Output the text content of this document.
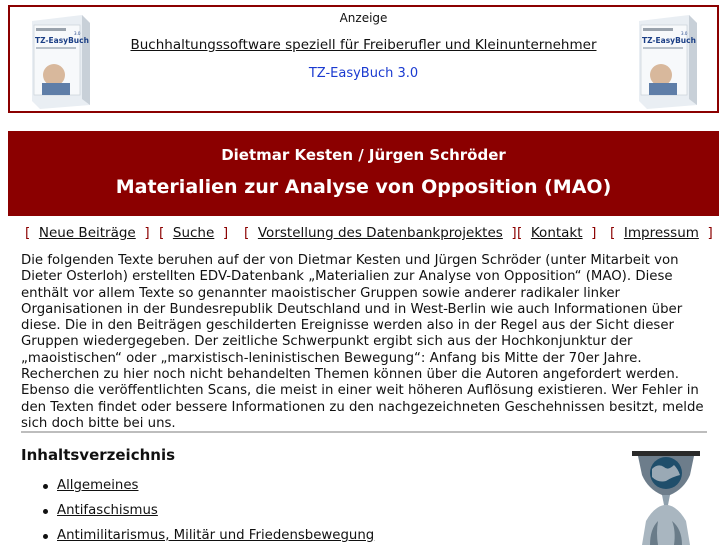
TZ-EasyBuch
3.0
Anzeige
Buchhaltungssoftware speziell für Freiberufler und Kleinunternehmer
TZ-EasyBuch 3.0
TZ-EasyBuch
3.0
Dietmar Kesten / Jürgen Schröder
Materialien zur Analyse von Opposition (MAO)
[ Neue Beiträge ] [ Suche ] [ Vorstellung des Datenbankprojektes ] [ Kontakt ] [ Impressum ]

Die folgenden Texte beruhen auf der von Dietmar Kesten und Jürgen Schröder (unter Mitarbeit von Dieter Osterloh) erstellten EDV-Datenbank „Materialien zur Analyse von Opposition“ (MAO). Diese enthält vor allem Texte so genannter maoistischer Gruppen sowie anderer radikaler linker Organisationen in der Bundesrepublik Deutschland und in West-Berlin wie auch Informationen über diese. Die in den Beiträgen geschilderten Ereignisse werden also in der Regel aus der Sicht dieser Gruppen wiedergegeben. Der zeitliche Schwerpunkt ergibt sich aus der Hochkonjunktur der „maoistischen“ oder „marxistisch-leninistischen Bewegung“: Anfang bis Mitte der 70er Jahre. Recherchen zu hier noch nicht behandelten Themen können über die Autoren angefordert werden. Ebenso die veröffentlichten Scans, die meist in einer weit höheren Auflösung existieren. Wer Fehler in den Texten findet oder bessere Informationen zu den nachgezeichneten Geschehnissen besitzt, melde sich doch bitte bei uns.

Inhaltsverzeichnis
Allgemeines
Antifaschismus
Antimilitarismus, Militär und Friedensbewegung
